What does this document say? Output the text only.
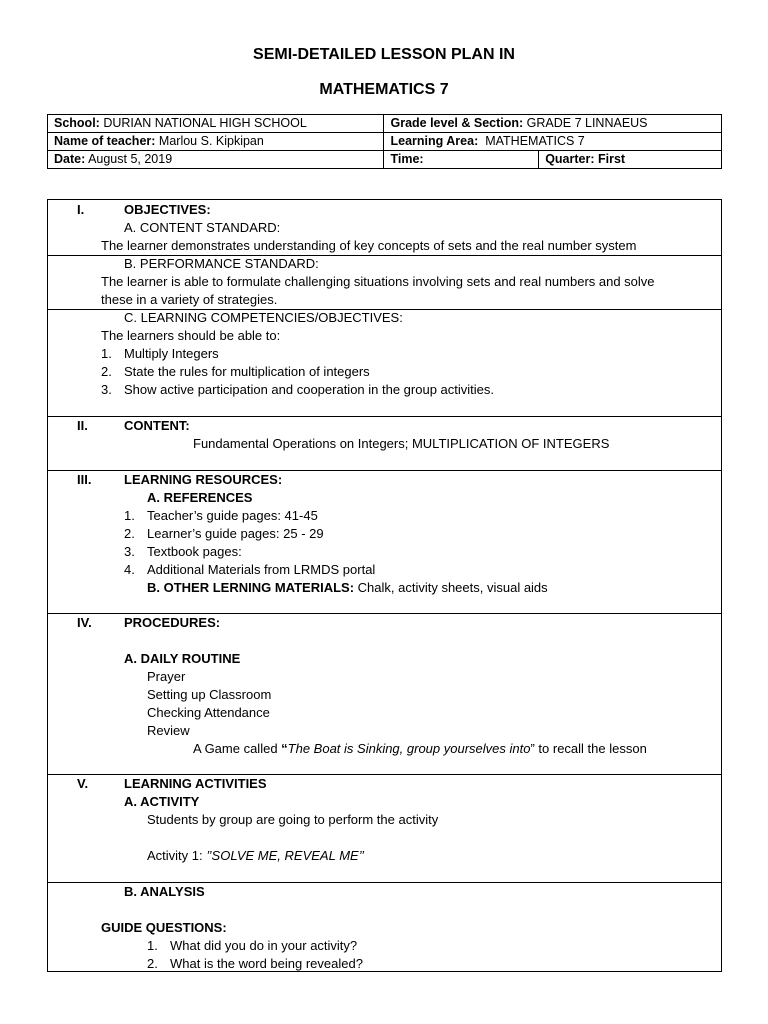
SEMI-DETAILED LESSON PLAN IN
MATHEMATICS 7
School: DURIAN NATIONAL HIGH SCHOOL	Grade level & Section: GRADE 7 LINNAEUS	
Name of teacher: Marlou S. Kipkipan	Learning Area: MATHEMATICS 7	
Date: August 5, 2019	Time:	Quarter: First
I.	OBJECTIVES:
A. CONTENT STANDARD:
The learner demonstrates understanding of key concepts of sets and the real number system
B. PERFORMANCE STANDARD:
The learner is able to formulate challenging situations involving sets and real numbers and solve
these in a variety of strategies.
C. LEARNING COMPETENCIES/OBJECTIVES:
The learners should be able to:
1. Multiply Integers
2. State the rules for multiplication of integers
3. Show active participation and cooperation in the group activities.
II.	CONTENT:
Fundamental Operations on Integers; MULTIPLICATION OF INTEGERS
III.	LEARNING RESOURCES:
A. REFERENCES
1. Teacher’s guide pages: 41-45
2. Learner’s guide pages: 25 - 29
3. Textbook pages:
4. Additional Materials from LRMDS portal
B. OTHER LERNING MATERIALS: Chalk, activity sheets, visual aids
IV. PROCEDURES:
A. DAILY ROUTINE
Prayer
Setting up Classroom
Checking Attendance
Review
A Game called “The Boat is Sinking, group yourselves into” to recall the lesson
V.	LEARNING ACTIVITIES
A. ACTIVITY
Students by group are going to perform the activity
Activity 1: ’’SOLVE ME, REVEAL ME’’
B. ANALYSIS
GUIDE QUESTIONS:
1. What did you do in your activity?
2. What is the word being revealed?
